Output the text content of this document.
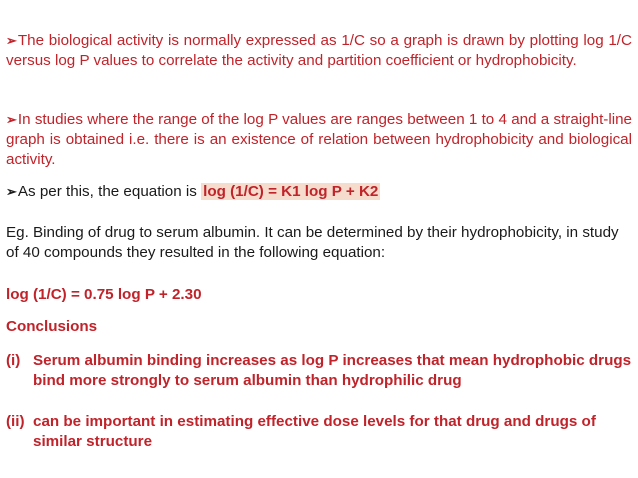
➢The biological activity is normally expressed as 1/C so a graph is drawn by plotting log 1/C versus log P values to correlate the activity and partition coefficient or hydrophobicity.
➢In studies where the range of the log P values are ranges between 1 to 4 and a straight-line graph is obtained i.e. there is an existence of relation between hydrophobicity and biological activity.
➢As per this, the equation is log (1/C) = K1 log P + K2
Eg. Binding of drug to serum albumin. It can be determined by their hydrophobicity, in study of 40 compounds they resulted in the following equation:
log (1/C) = 0.75 log P + 2.30
Conclusions
(i) Serum albumin binding increases as log P increases that mean hydrophobic drugs bind more strongly to serum albumin than hydrophilic drug
(ii) can be important in estimating effective dose levels for that drug and drugs of similar structure
